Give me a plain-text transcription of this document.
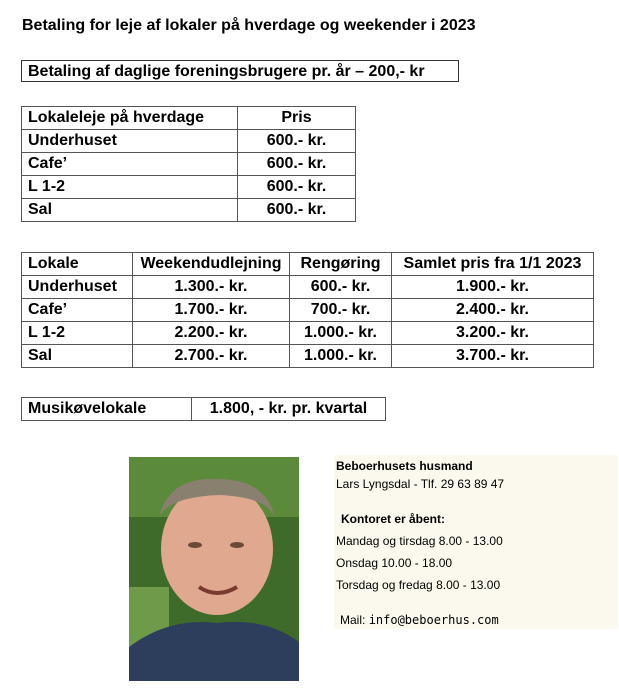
Betaling for leje af lokaler på hverdage og weekender i 2023
Betaling af daglige foreningsbrugere pr. år – 200,- kr
Lokaleleje på hverdage	Pris
Underhuset	600.- kr.
Cafe’	600.- kr.
L 1-2	600.- kr.
Sal	600.- kr.
Lokale	Weekendudlejning	Rengøring	Samlet pris fra 1/1 2023
Underhuset	1.300.- kr.	600.- kr.	1.900.- kr.
Cafe’	1.700.- kr.	700.- kr.	2.400.- kr.
L 1-2	2.200.- kr.	1.000.- kr.	3.200.- kr.
Sal	2.700.- kr.	1.000.- kr.	3.700.- kr.
Musikøvelokale	1.800, - kr. pr. kvartal
Beboerhusets husmand
Lars Lyngsdal - Tlf. 29 63 89 47
Kontoret er åbent:
Mandag og tirsdag 8.00 - 13.00
Onsdag 10.00 - 18.00
Torsdag og fredag 8.00 - 13.00
Mail: info@beboerhus.com
